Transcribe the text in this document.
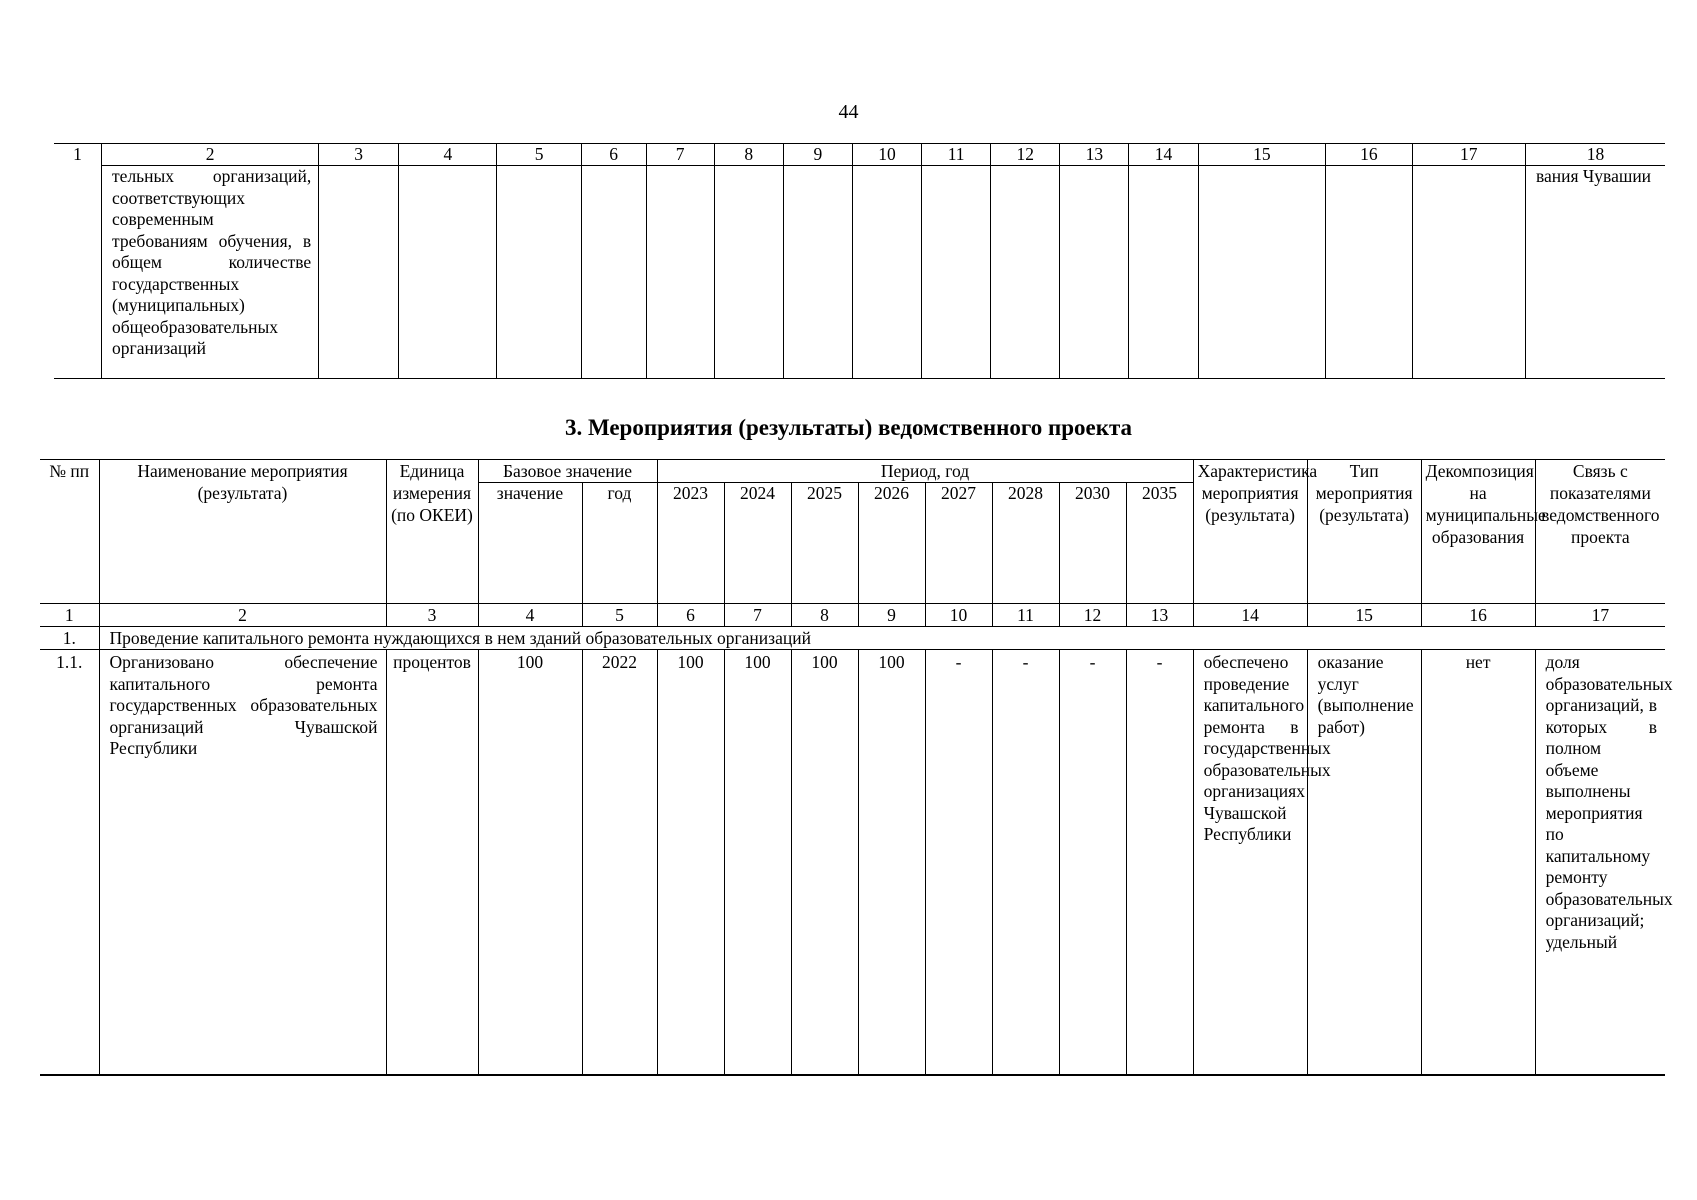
44
1	2	3	4	5	6	7	8	9	10	11	12	13	14	15	16	17	18
	тельных организаций, соответствующих современным требованиям обучения, в общем количестве государственных (муниципальных) общеобразовательных организаций																вания Чувашии
3. Мероприятия (результаты) ведомственного проекта
№ пп	Наименование мероприятия (результата)	Единица измерения (по ОКЕИ)	Базовое значение		Период, год								Характеристика мероприятия (результата)	Тип мероприятия (результата)	Декомпозиция на муниципальные образования	Связь с показателями ведомственного проекта
			значение	год	2023	2024	2025	2026	2027	2028	2030	2035				
1	2	3	4	5	6	7	8	9	10	11	12	13	14	15	16	17
1.	Проведение капитального ремонта нуждающихся в нем зданий образовательных организаций															
1.1.	Организовано обеспечение капитального ремонта государственных образовательных организаций Чувашской Республики	процентов	100	2022	100	100	100	100	-	-	-	-	обеспечено проведение капитального ремонта в государственных образовательных организациях Чувашской Республики	оказание услуг (выполнение работ)	нет	доля образовательных организаций, в которых в полном объеме выполнены мероприятия по капитальному ремонту образовательных организаций; удельный
